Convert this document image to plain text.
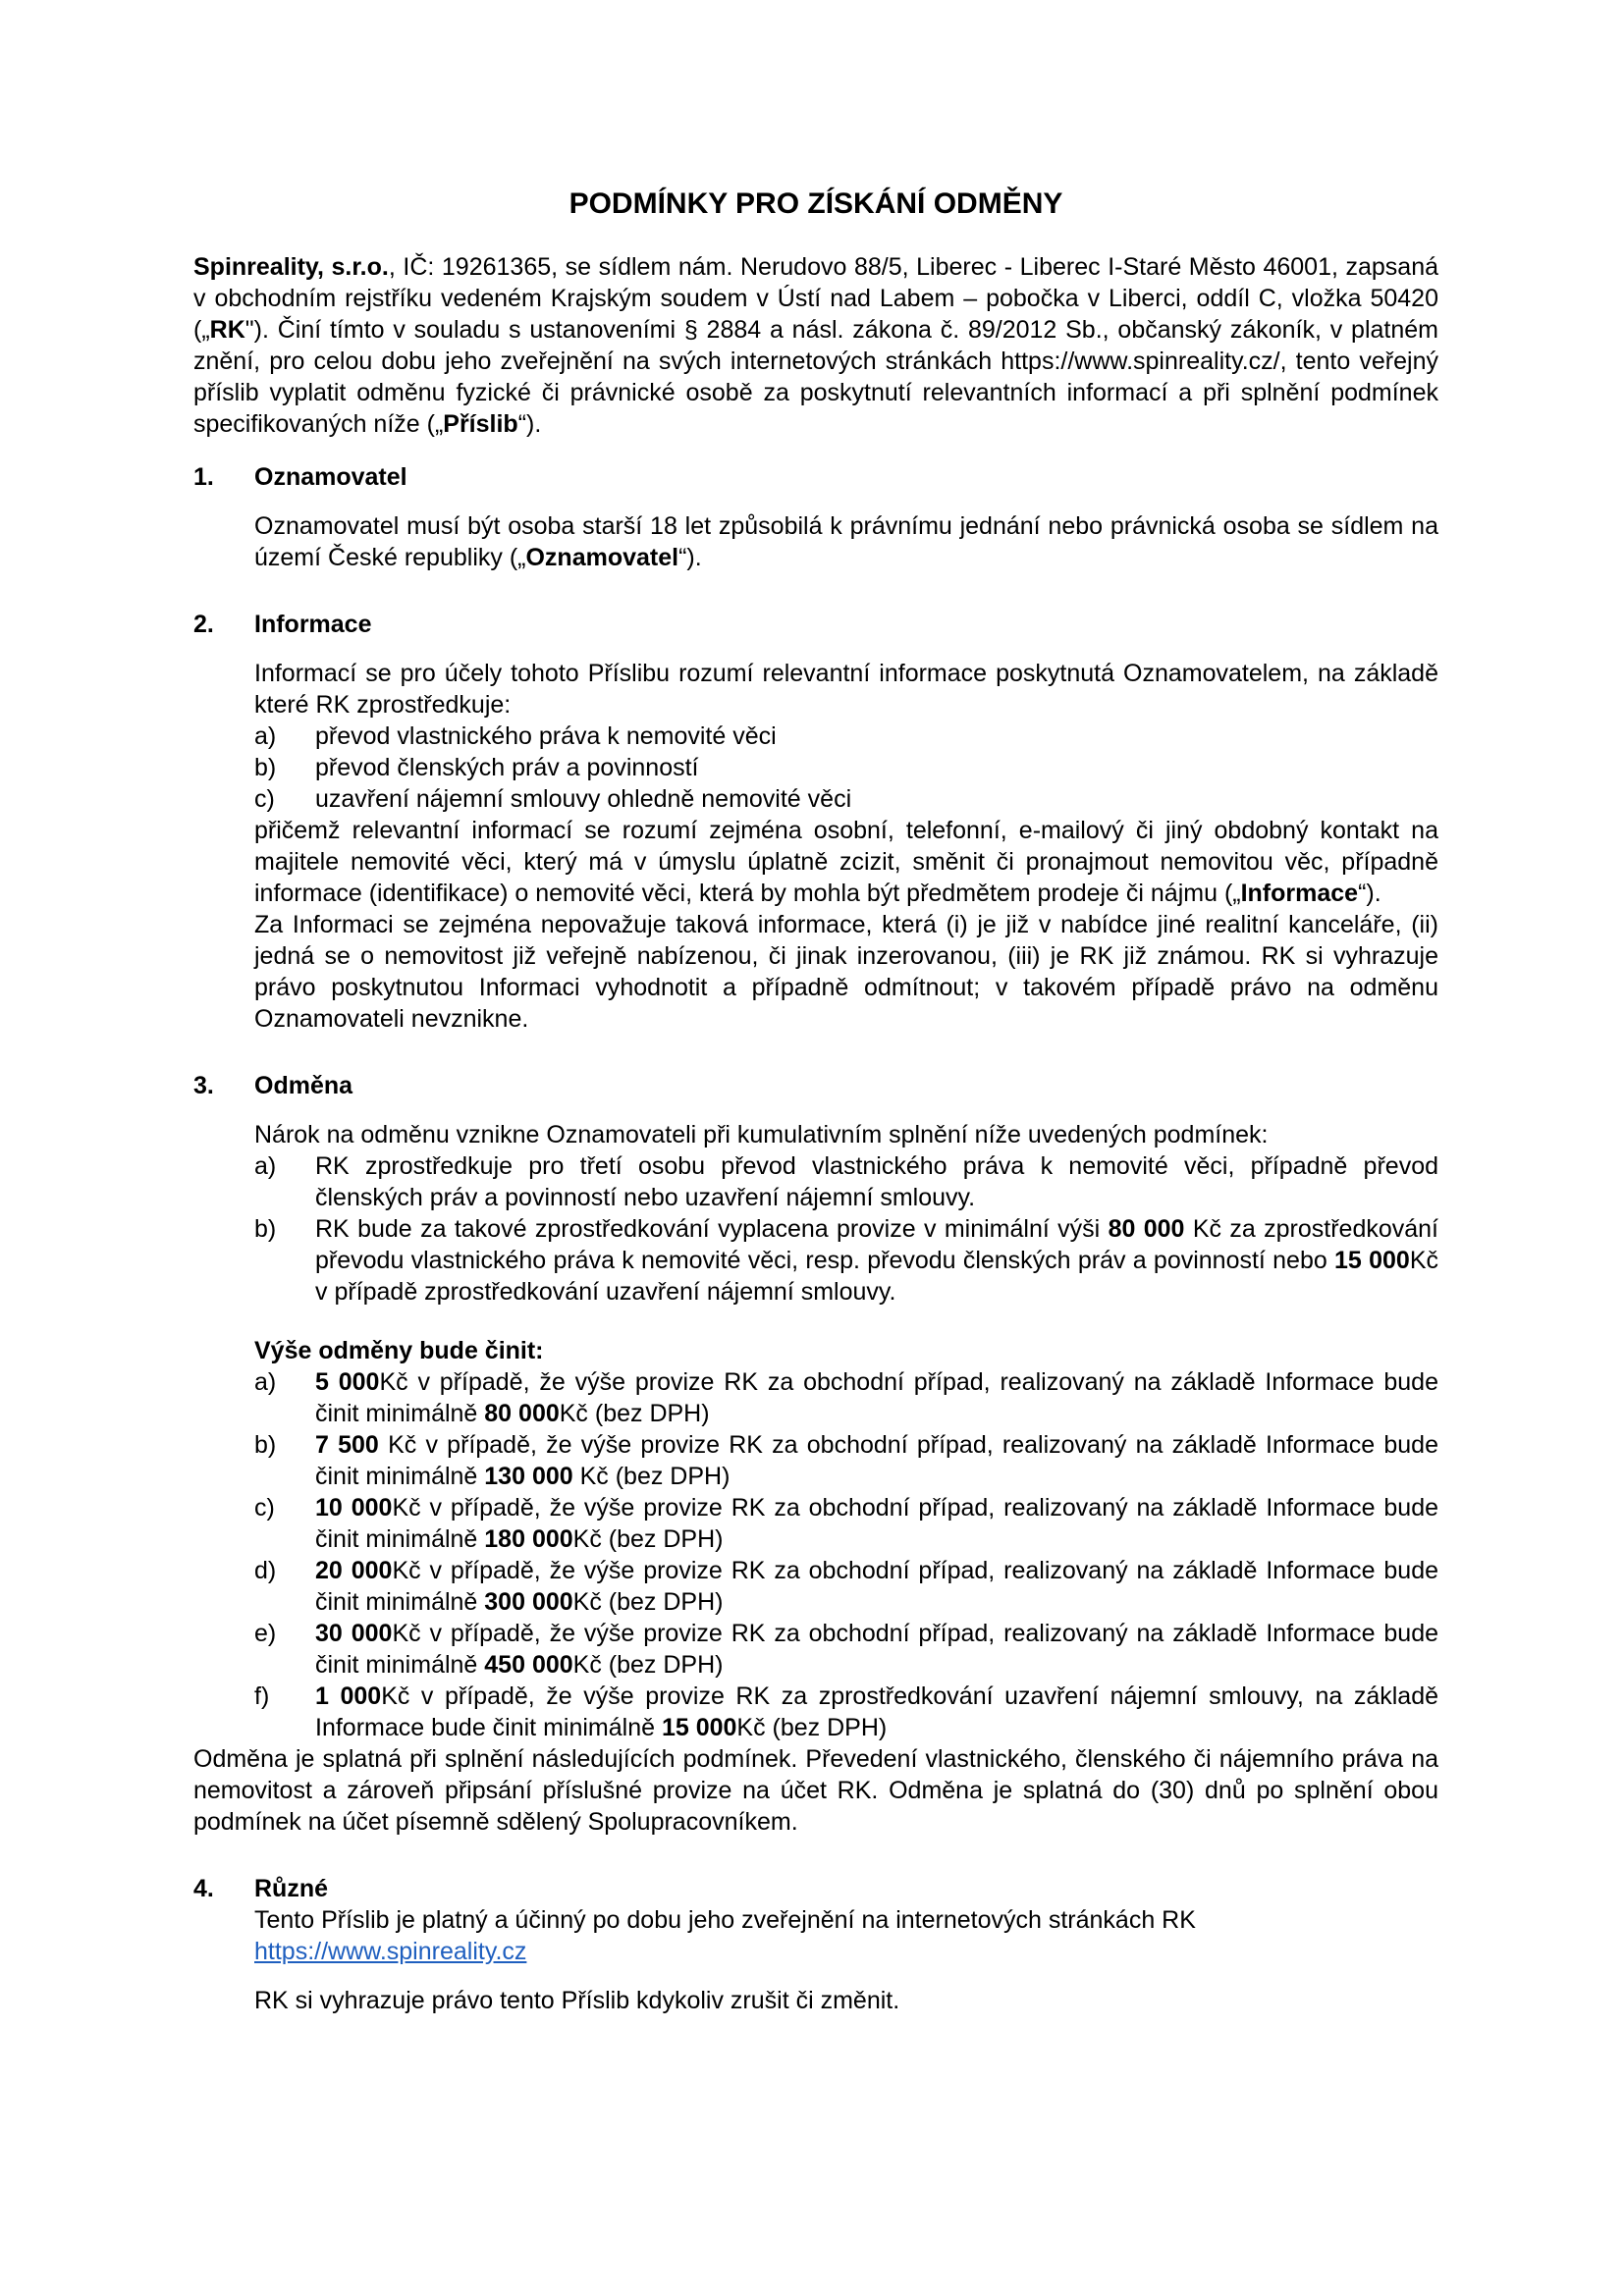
PODMÍNKY PRO ZÍSKÁNÍ ODMĚNY
Spinreality, s.r.o., IČ: 19261365, se sídlem nám. Nerudovo 88/5, Liberec - Liberec I-Staré Město 46001, zapsaná v obchodním rejstříku vedeném Krajským soudem v Ústí nad Labem – pobočka v Liberci, oddíl C, vložka 50420 („RK"). Činí tímto v souladu s ustanoveními § 2884 a násl. zákona č. 89/2012 Sb., občanský zákoník, v platném znění, pro celou dobu jeho zveřejnění na svých internetových stránkách https://www.spinreality.cz/, tento veřejný příslib vyplatit odměnu fyzické či právnické osobě za poskytnutí relevantních informací a při splnění podmínek specifikovaných níže („Příslib“).
1.	Oznamovatel
Oznamovatel musí být osoba starší 18 let způsobilá k právnímu jednání nebo právnická osoba se sídlem na území České republiky („Oznamovatel“).
2.	Informace
Informací se pro účely tohoto Příslibu rozumí relevantní informace poskytnutá Oznamovatelem, na základě které RK zprostředkuje:
a)	převod vlastnického práva k nemovité věci
b)	převod členských práv a povinností
c)	uzavření nájemní smlouvy ohledně nemovité věci
přičemž relevantní informací se rozumí zejména osobní, telefonní, e-mailový či jiný obdobný kontakt na majitele nemovité věci, který má v úmyslu úplatně zcizit, směnit či pronajmout nemovitou věc, případně informace (identifikace) o nemovité věci, která by mohla být předmětem prodeje či nájmu („Informace“).
Za Informaci se zejména nepovažuje taková informace, která (i) je již v nabídce jiné realitní kanceláře, (ii) jedná se o nemovitost již veřejně nabízenou, či jinak inzerovanou, (iii) je RK již známou. RK si vyhrazuje právo poskytnutou Informaci vyhodnotit a případně odmítnout; v takovém případě právo na odměnu Oznamovateli nevznikne.
3.	Odměna
Nárok na odměnu vznikne Oznamovateli při kumulativním splnění níže uvedených podmínek:
a)	RK zprostředkuje pro třetí osobu převod vlastnického práva k nemovité věci, případně převod členských práv a povinností nebo uzavření nájemní smlouvy.
b)	RK bude za takové zprostředkování vyplacena provize v minimální výši 80 000 Kč za zprostředkování převodu vlastnického práva k nemovité věci, resp. převodu členských práv a povinností nebo 15 000Kč v případě zprostředkování uzavření nájemní smlouvy.
Výše odměny bude činit:
a)	5 000Kč v případě, že výše provize RK za obchodní případ, realizovaný na základě Informace bude činit minimálně 80 000Kč (bez DPH)
b)	7 500 Kč v případě, že výše provize RK za obchodní případ, realizovaný na základě Informace bude činit minimálně 130 000 Kč (bez DPH)
c)	10 000Kč v případě, že výše provize RK za obchodní případ, realizovaný na základě Informace bude činit minimálně 180 000Kč (bez DPH)
d)	20 000Kč v případě, že výše provize RK za obchodní případ, realizovaný na základě Informace bude činit minimálně 300 000Kč (bez DPH)
e)	30 000Kč v případě, že výše provize RK za obchodní případ, realizovaný na základě Informace bude činit minimálně 450 000Kč (bez DPH)
f)	1 000Kč v případě, že výše provize RK za zprostředkování uzavření nájemní smlouvy, na základě Informace bude činit minimálně 15 000Kč (bez DPH)
Odměna je splatná při splnění následujících podmínek. Převedení vlastnického, členského či nájemního práva na nemovitost a zároveň připsání příslušné provize na účet RK. Odměna je splatná do (30) dnů po splnění obou podmínek na účet písemně sdělený Spolupracovníkem.
4.	Různé
Tento Příslib je platný a účinný po dobu jeho zveřejnění na internetových stránkách RK
https://www.spinreality.cz
RK si vyhrazuje právo tento Příslib kdykoliv zrušit či změnit.
